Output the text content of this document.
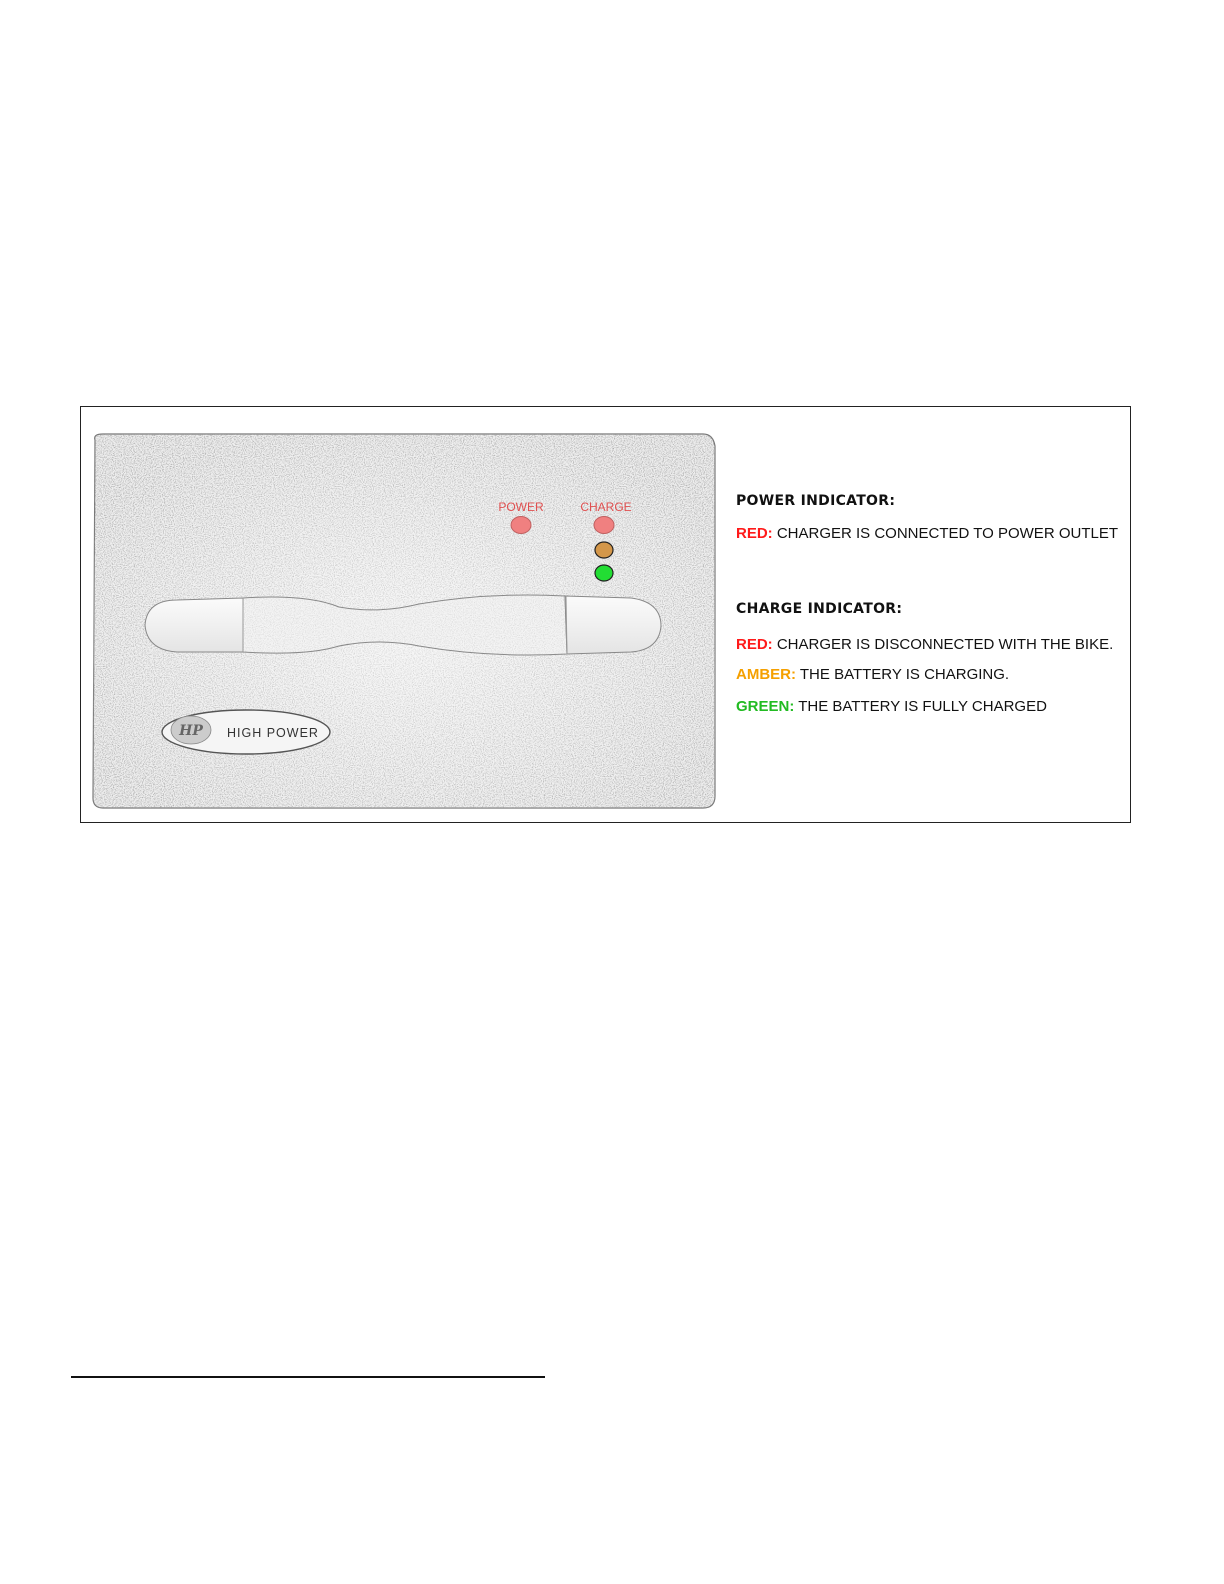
POWER	CHARGE
HP HIGH POWER
POWER INDICATOR:
RED: CHARGER IS CONNECTED TO POWER OUTLET
CHARGE INDICATOR:
RED: CHARGER IS DISCONNECTED WITH THE BIKE.
AMBER: THE BATTERY IS CHARGING.
GREEN: THE BATTERY IS FULLY CHARGED
